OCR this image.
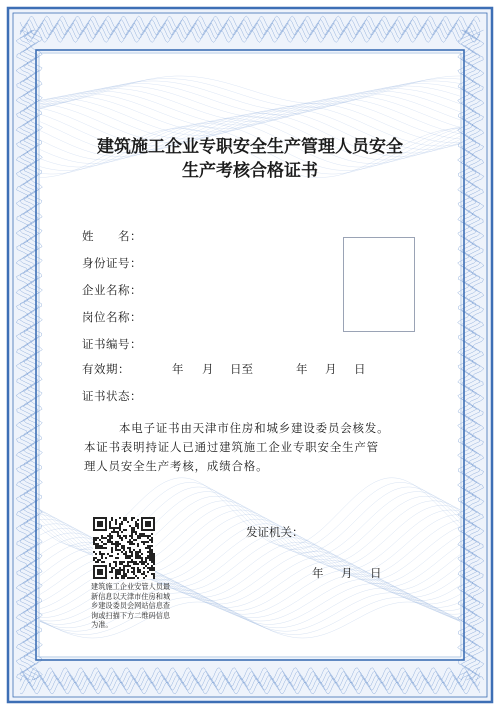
建筑施工企业专职安全生产管理人员安全
生产考核合格证书
姓　　名：
身份证号：
企业名称：
岗位名称：
证书编号：
有效期：	年 月 日至	年 月 日
证书状态：
本电子证书由天津市住房和城乡建设委员会核发。
本证书表明持证人已通过建筑施工企业专职安全生产管
理人员安全生产考核，成绩合格。
建筑施工企业安管人员最新信息以天津市住房和城乡建设委员会网站信息查询或扫描下方二维码信息为准。
发证机关：
年 月 日
